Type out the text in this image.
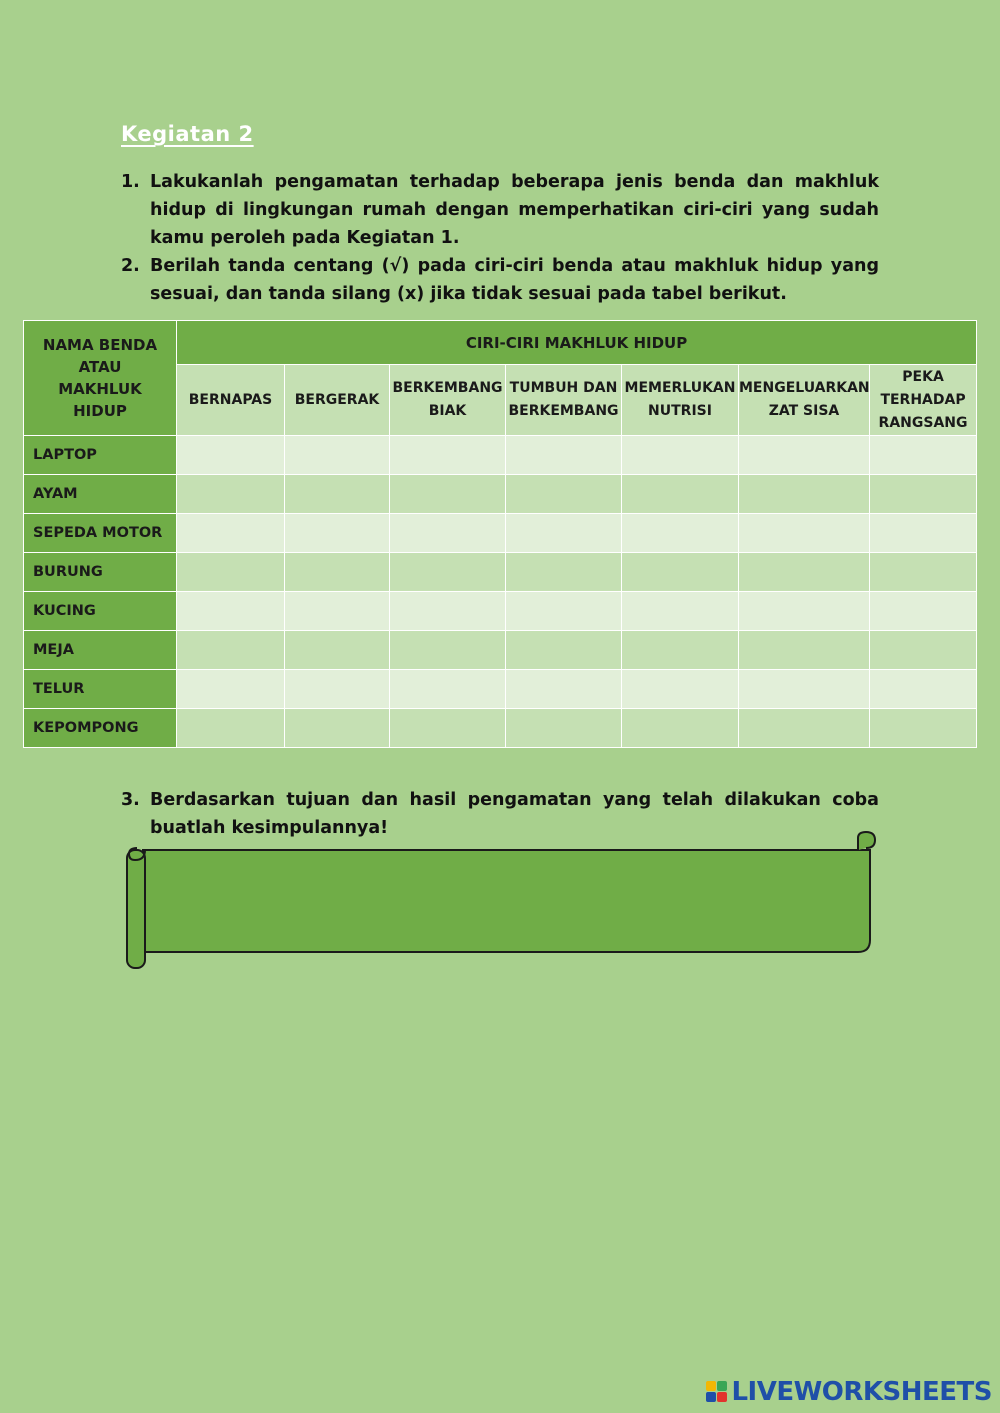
Kegiatan 2
1. Lakukanlah pengamatan terhadap beberapa jenis benda dan makhluk hidup di lingkungan rumah dengan memperhatikan ciri-ciri yang sudah kamu peroleh pada Kegiatan 1.
2. Berilah tanda centang (√) pada ciri-ciri benda atau makhluk hidup yang sesuai, dan tanda silang (x) jika tidak sesuai pada tabel berikut.
NAMA BENDA ATAU MAKHLUK HIDUP	CIRI-CIRI MAKHLUK HIDUP						
	BERNAPAS	BERGERAK	BERKEMBANG BIAK	TUMBUH DAN BERKEMBANG	MEMERLUKAN NUTRISI	MENGELUARKAN ZAT SISA	PEKA TERHADAP RANGSANG
LAPTOP							
AYAM							
SEPEDA MOTOR							
BURUNG							
KUCING							
MEJA							
TELUR							
KEPOMPONG							
3. Berdasarkan tujuan dan hasil pengamatan yang telah dilakukan coba buatlah kesimpulannya!
LIVEWORKSHEETS
